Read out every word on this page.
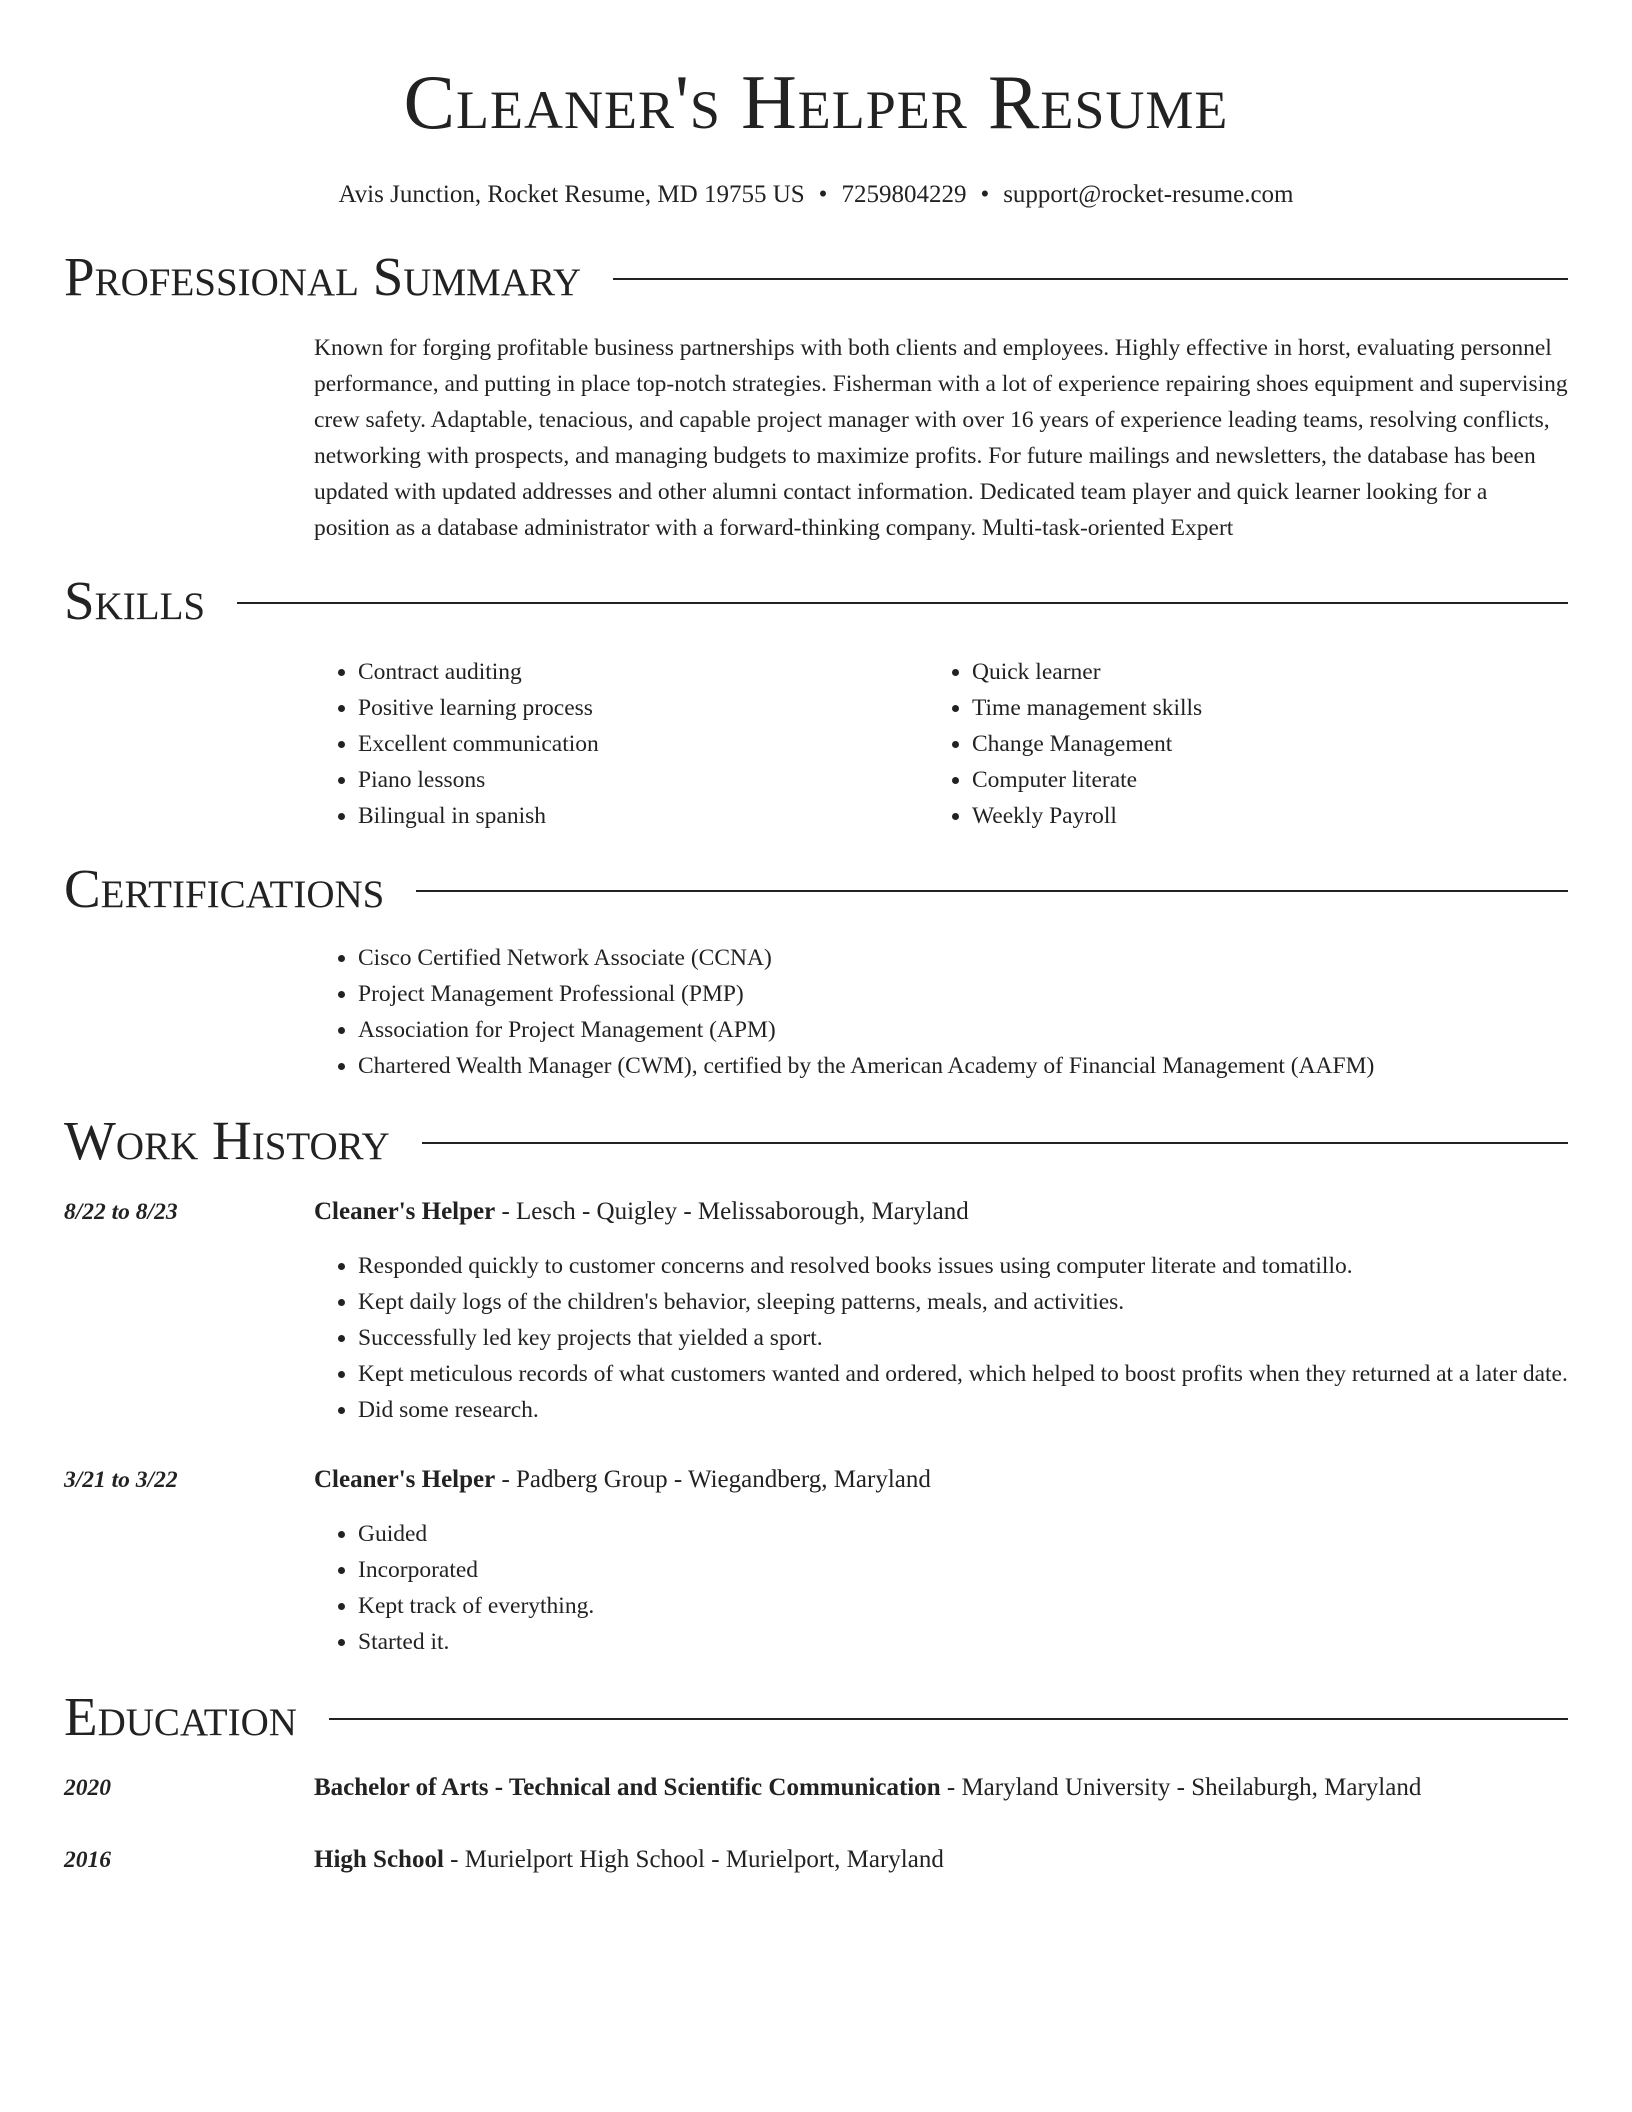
Cleaner's Helper Resume
Avis Junction, Rocket Resume, MD 19755 US • 7259804229 • support@rocket-resume.com
Professional Summary
Known for forging profitable business partnerships with both clients and employees. Highly effective in horst, evaluating personnel performance, and putting in place top-notch strategies. Fisherman with a lot of experience repairing shoes equipment and supervising crew safety. Adaptable, tenacious, and capable project manager with over 16 years of experience leading teams, resolving conflicts, networking with prospects, and managing budgets to maximize profits. For future mailings and newsletters, the database has been updated with updated addresses and other alumni contact information. Dedicated team player and quick learner looking for a position as a database administrator with a forward-thinking company. Multi-task-oriented Expert
Skills
• Contract auditing
• Positive learning process
• Excellent communication
• Piano lessons
• Bilingual in spanish
• Quick learner
• Time management skills
• Change Management
• Computer literate
• Weekly Payroll
Certifications
• Cisco Certified Network Associate (CCNA)
• Project Management Professional (PMP)
• Association for Project Management (APM)
• Chartered Wealth Manager (CWM), certified by the American Academy of Financial Management (AAFM)
Work History
8/22 to 8/23	Cleaner's Helper - Lesch - Quigley - Melissaborough, Maryland
• Responded quickly to customer concerns and resolved books issues using computer literate and tomatillo.
• Kept daily logs of the children's behavior, sleeping patterns, meals, and activities.
• Successfully led key projects that yielded a sport.
• Kept meticulous records of what customers wanted and ordered, which helped to boost profits when they returned at a later date.
• Did some research.
3/21 to 3/22	Cleaner's Helper - Padberg Group - Wiegandberg, Maryland
• Guided
• Incorporated
• Kept track of everything.
• Started it.
Education
2020	Bachelor of Arts - Technical and Scientific Communication - Maryland University - Sheilaburgh, Maryland
2016	High School - Murielport High School - Murielport, Maryland
